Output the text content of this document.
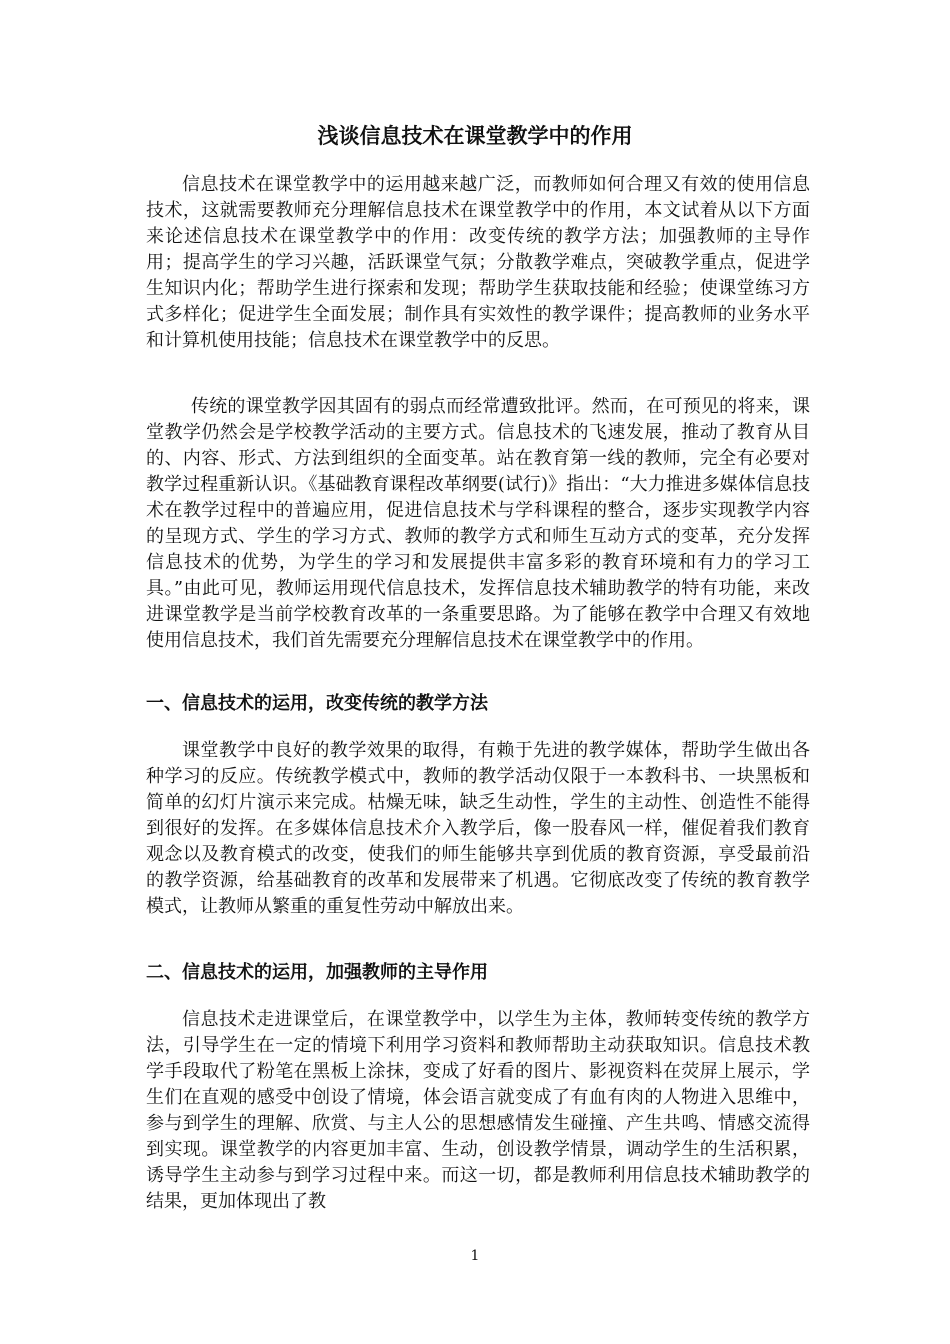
浅谈信息技术在课堂教学中的作用

信息技术在课堂教学中的运用越来越广泛，而教师如何合理又有效的使用信息技术，这就需要教师充分理解信息技术在课堂教学中的作用，本文试着从以下方面来论述信息技术在课堂教学中的作用：改变传统的教学方法；加强教师的主导作用；提高学生的学习兴趣，活跃课堂气氛；分散教学难点，突破教学重点，促进学生知识内化；帮助学生进行探索和发现；帮助学生获取技能和经验；使课堂练习方式多样化；促进学生全面发展；制作具有实效性的教学课件；提高教师的业务水平和计算机使用技能；信息技术在课堂教学中的反思。

传统的课堂教学因其固有的弱点而经常遭致批评。然而，在可预见的将来，课堂教学仍然会是学校教学活动的主要方式。信息技术的飞速发展，推动了教育从目的、内容、形式、方法到组织的全面变革。站在教育第一线的教师，完全有必要对教学过程重新认识。《基础教育课程改革纲要(试行)》指出：“大力推进多媒体信息技术在教学过程中的普遍应用，促进信息技术与学科课程的整合，逐步实现教学内容的呈现方式、学生的学习方式、教师的教学方式和师生互动方式的变革，充分发挥信息技术的优势，为学生的学习和发展提供丰富多彩的教育环境和有力的学习工具。”由此可见，教师运用现代信息技术，发挥信息技术辅助教学的特有功能，来改进课堂教学是当前学校教育改革的一条重要思路。为了能够在教学中合理又有效地使用信息技术，我们首先需要充分理解信息技术在课堂教学中的作用。

一、信息技术的运用，改变传统的教学方法

课堂教学中良好的教学效果的取得，有赖于先进的教学媒体，帮助学生做出各种学习的反应。传统教学模式中，教师的教学活动仅限于一本教科书、一块黑板和简单的幻灯片演示来完成。枯燥无味，缺乏生动性，学生的主动性、创造性不能得到很好的发挥。在多媒体信息技术介入教学后，像一股春风一样，催促着我们教育观念以及教育模式的改变，使我们的师生能够共享到优质的教育资源，享受最前沿的教学资源，给基础教育的改革和发展带来了机遇。它彻底改变了传统的教育教学模式，让教师从繁重的重复性劳动中解放出来。

二、信息技术的运用，加强教师的主导作用

信息技术走进课堂后，在课堂教学中，以学生为主体，教师转变传统的教学方法，引导学生在一定的情境下利用学习资料和教师帮助主动获取知识。信息技术教学手段取代了粉笔在黑板上涂抹，变成了好看的图片、影视资料在荧屏上展示，学生们在直观的感受中创设了情境，体会语言就变成了有血有肉的人物进入思维中，参与到学生的理解、欣赏、与主人公的思想感情发生碰撞、产生共鸣、情感交流得到实现。课堂教学的内容更加丰富、生动，创设教学情景，调动学生的生活积累，诱导学生主动参与到学习过程中来。而这一切，都是教师利用信息技术辅助教学的结果，更加体现出了教

1
